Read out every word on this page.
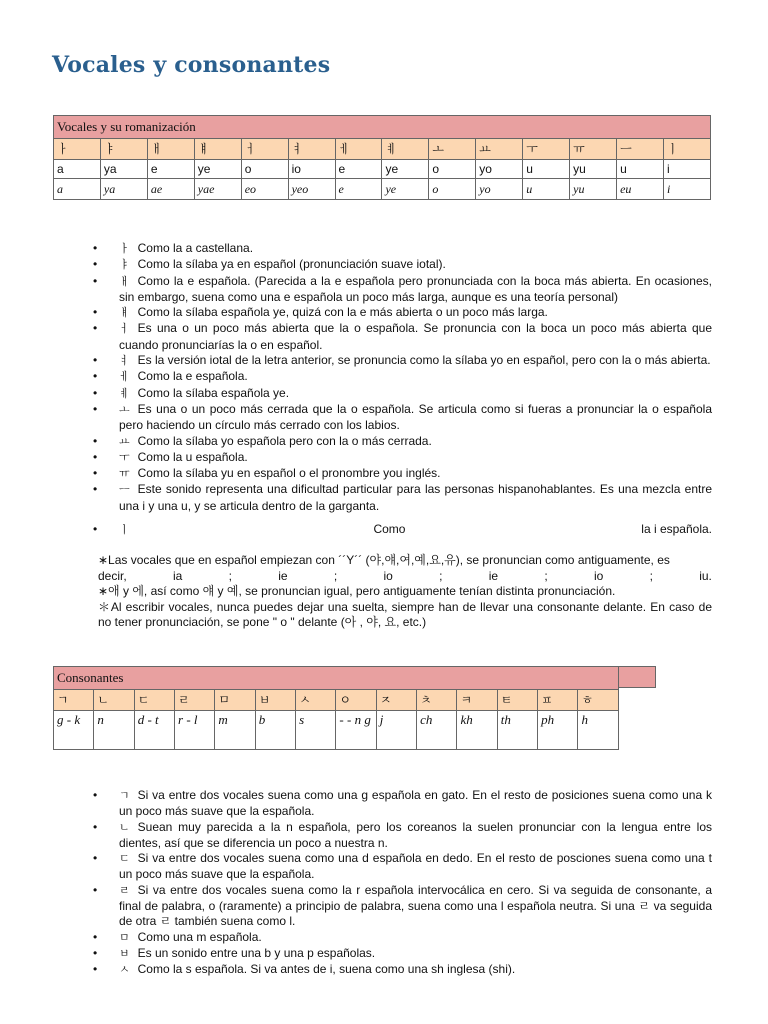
Vocales y consonantes
Vocales y su romanización													
ㅏ	ㅑ	ㅐ	ㅒ	ㅓ	ㅕ	ㅔ	ㅖ	ㅗ	ㅛ	ㅜ	ㅠ	ㅡ	ㅣ
a	ya	e	ye	o	io	e	ye	o	yo	u	yu	u	i
a	ya	ae	yae	eo	yeo	e	ye	o	yo	u	yu	eu	i
• ㅏ Como la a castellana.
• ㅑ Como la sílaba ya en español (pronunciación suave iotal).
• ㅐ Como la e española. (Parecida a la e española pero pronunciada con la boca más abierta. En ocasiones, sin embargo, suena como una e española un poco más larga, aunque es una teoría personal)
• ㅒ Como la sílaba española ye, quizá con la e más abierta o un poco más larga.
• ㅓ Es una o un poco más abierta que la o española. Se pronuncia con la boca un poco más abierta que cuando pronunciarías la o en español.
• ㅕ Es la versión iotal de la letra anterior, se pronuncia como la sílaba yo en español, pero con la o más abierta.
• ㅔ Como la e española.
• ㅖ Como la sílaba española ye.
• ㅗ Es una o un poco más cerrada que la o española. Se articula como si fueras a pronunciar la o española pero haciendo un círculo más cerrado con los labios.
• ㅛ Como la sílaba yo española pero con la o más cerrada.
• ㅜ Como la u española.
• ㅠ Como la sílaba yu en español o el pronombre you inglés.
• ㅡ Este sonido representa una dificultad particular para las personas hispanohablantes. Es una mezcla entre una i y una u, y se articula dentro de la garganta.
• ㅣ	Como	la i española.

∗Las vocales que en español empiezan con ´´Y´´ (야,얘,여,예,요,유), se pronuncian como antiguamente, es

decir,	ia	;	ie	;	io	;	ie	;	io	;	iu.

∗애 y 에, así como 얘 y 예, se pronuncian igual, pero antiguamente tenían distinta pronunciación.

＊Al escribir vocales, nunca puedes dejar una suelta, siempre han de llevar una consonante delante. En caso de no tener pronunciación, se pone " o " delante (아 , 야, 요, etc.)

Consonantes													
ㄱ	ㄴ	ㄷ	ㄹ	ㅁ	ㅂ	ㅅ	ㅇ	ㅈ	ㅊ	ㅋ	ㅌ	ㅍ	ㅎ
g - k	n	d - t	r - l	m	b	s	- - n g	j	ch	kh	th	ph	h
• ㄱ Si va entre dos vocales suena como una g española en gato. En el resto de posiciones suena como una k un poco más suave que la española.
• ㄴ Suean muy parecida a la n española, pero los coreanos la suelen pronunciar con la lengua entre los dientes, así que se diferencia un poco a nuestra n.
• ㄷ Si va entre dos vocales suena como una d española en dedo. En el resto de posciones suena como una t un poco más suave que la española.
• ㄹ Si va entre dos vocales suena como la r española intervocálica en cero. Si va seguida de consonante, a final de palabra, o (raramente) a principio de palabra, suena como una l española neutra. Si una ㄹ va seguida de otra ㄹ también suena como l.
• ㅁ Como una m española.
• ㅂ Es un sonido entre una b y una p españolas.
• ㅅ Como la s española. Si va antes de i, suena como una sh inglesa (shi).
